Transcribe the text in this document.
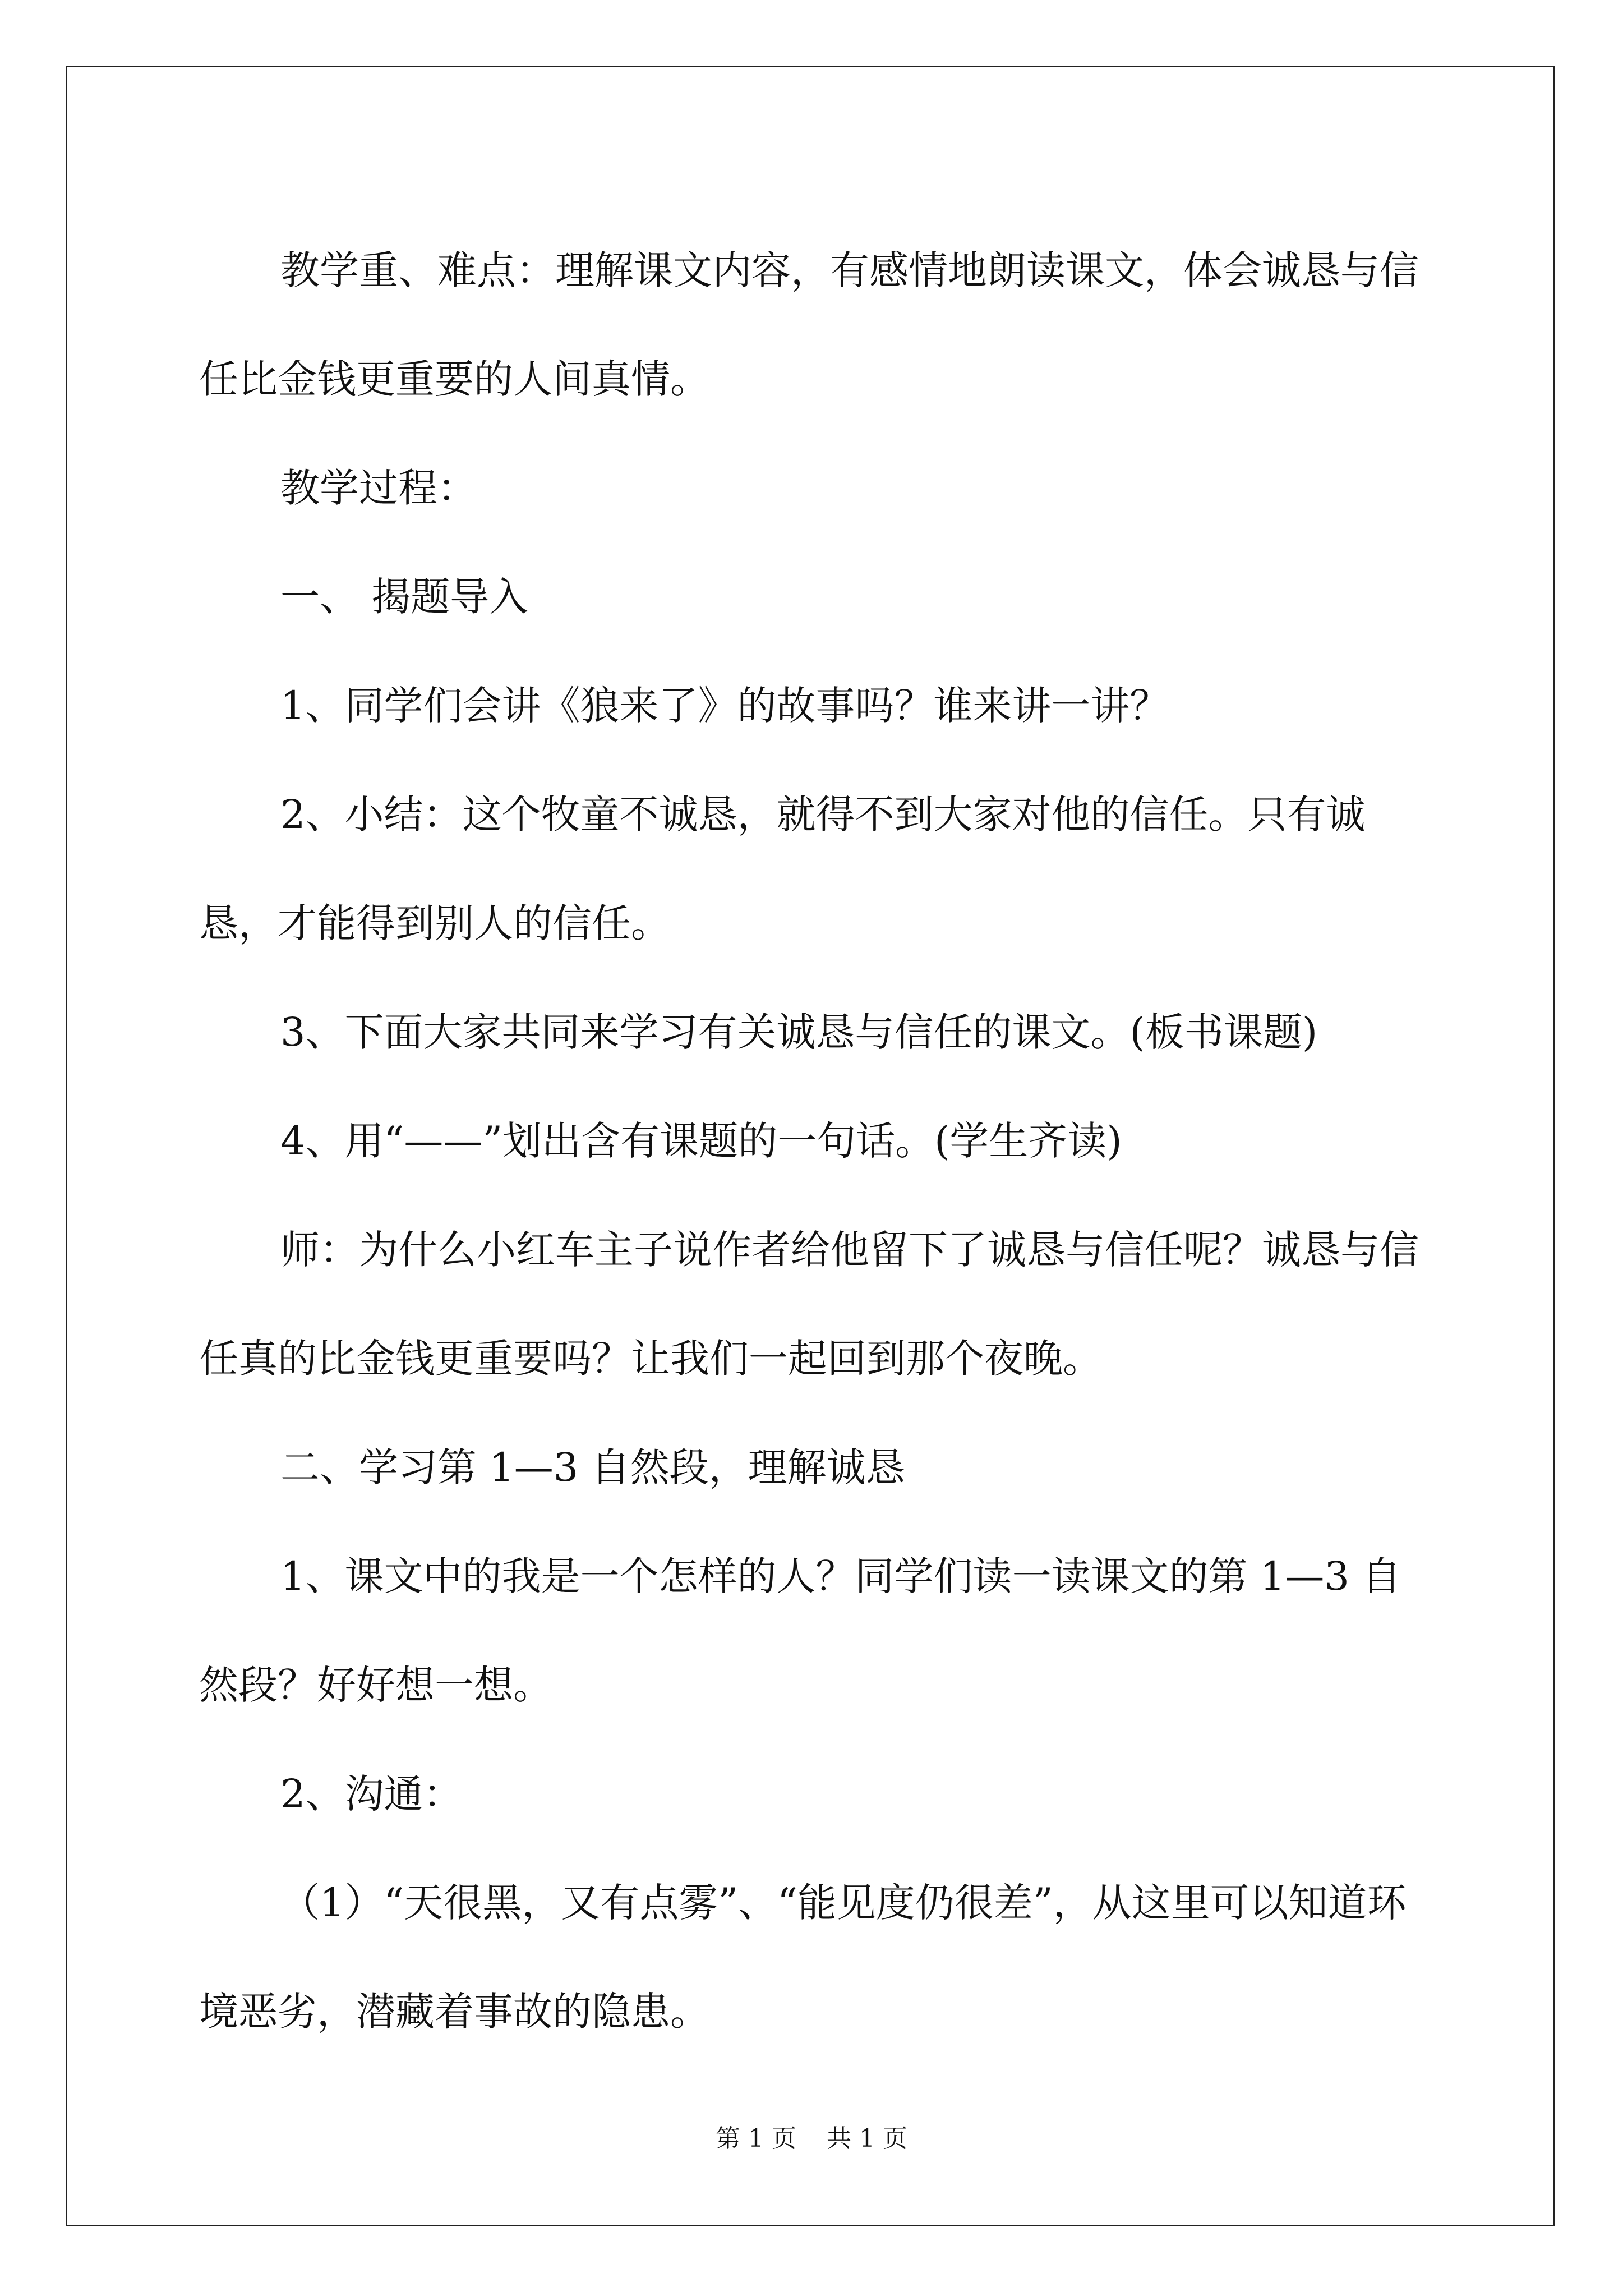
教学重、难点：理解课文内容，有感情地朗读课文，体会诚恳与信任比金钱更重要的人间真情。

教学过程：

一、 揭题导入

1、同学们会讲《狼来了》的故事吗？谁来讲一讲？

2、小结：这个牧童不诚恳，就得不到大家对他的信任。只有诚恳，才能得到别人的信任。

3、下面大家共同来学习有关诚恳与信任的课文。(板书课题)

4、用“——”划出含有课题的一句话。(学生齐读)

师：为什么小红车主子说作者给他留下了诚恳与信任呢？诚恳与信任真的比金钱更重要吗？让我们一起回到那个夜晚。

二、学习第 1—3 自然段，理解诚恳

1、课文中的我是一个怎样的人？同学们读一读课文的第 1—3 自然段？好好想一想。

2、沟通：

（1）“天很黑，又有点雾”、“能见度仍很差”，从这里可以知道环境恶劣，潜藏着事故的隐患。

第 1 页 共 1 页
